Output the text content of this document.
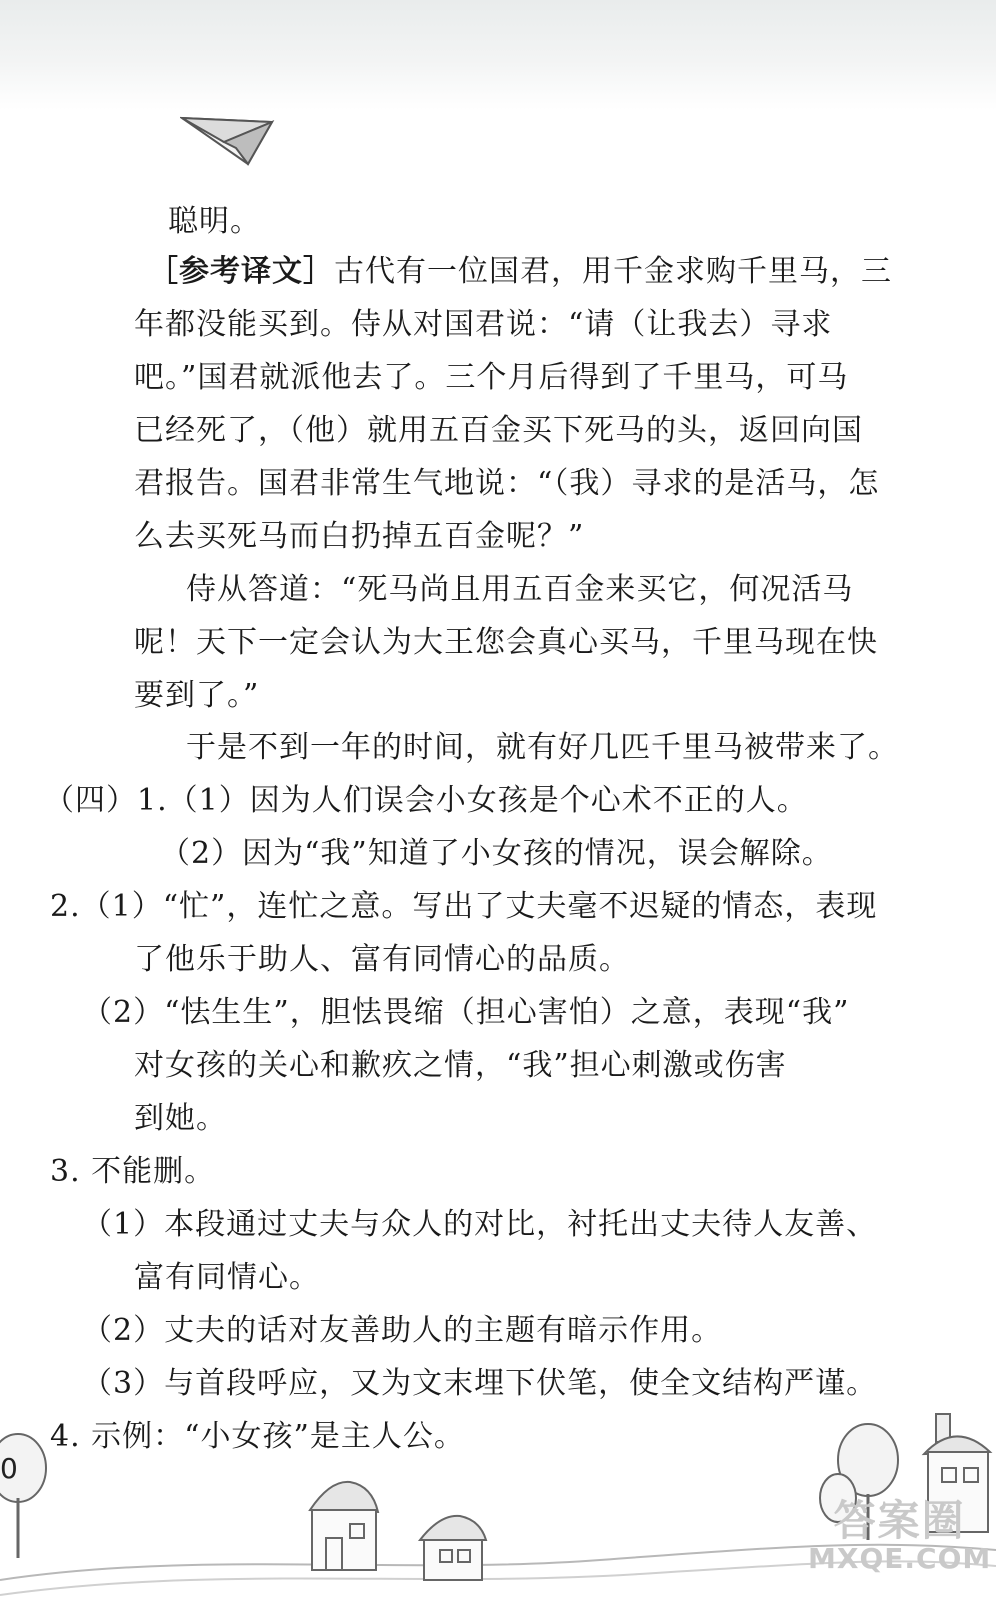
聪明。
［参考译文］古代有一位国君，用千金求购千里马，三
年都没能买到。侍从对国君说：“请（让我去）寻求
吧。”国君就派他去了。三个月后得到了千里马，可马
已经死了，（他）就用五百金买下死马的头，返回向国
君报告。国君非常生气地说：“（我）寻求的是活马，怎
么去买死马而白扔掉五百金呢？”
侍从答道：“死马尚且用五百金来买它，何况活马
呢！天下一定会认为大王您会真心买马，千里马现在快
要到了。”
于是不到一年的时间，就有好几匹千里马被带来了。
（四）1.（1）因为人们误会小女孩是个心术不正的人。
（2）因为“我”知道了小女孩的情况，误会解除。
2.（1）“忙”，连忙之意。写出了丈夫毫不迟疑的情态，表现
了他乐于助人、富有同情心的品质。
（2）“怯生生”，胆怯畏缩（担心害怕）之意，表现“我”
对女孩的关心和歉疚之情，“我”担心刺激或伤害
到她。
3. 不能删。
（1）本段通过丈夫与众人的对比，衬托出丈夫待人友善、
富有同情心。
（2）丈夫的话对友善助人的主题有暗示作用。
（3）与首段呼应，又为文末埋下伏笔，使全文结构严谨。
4. 示例：“小女孩”是主人公。
0
答案圈
MXQE.COM
